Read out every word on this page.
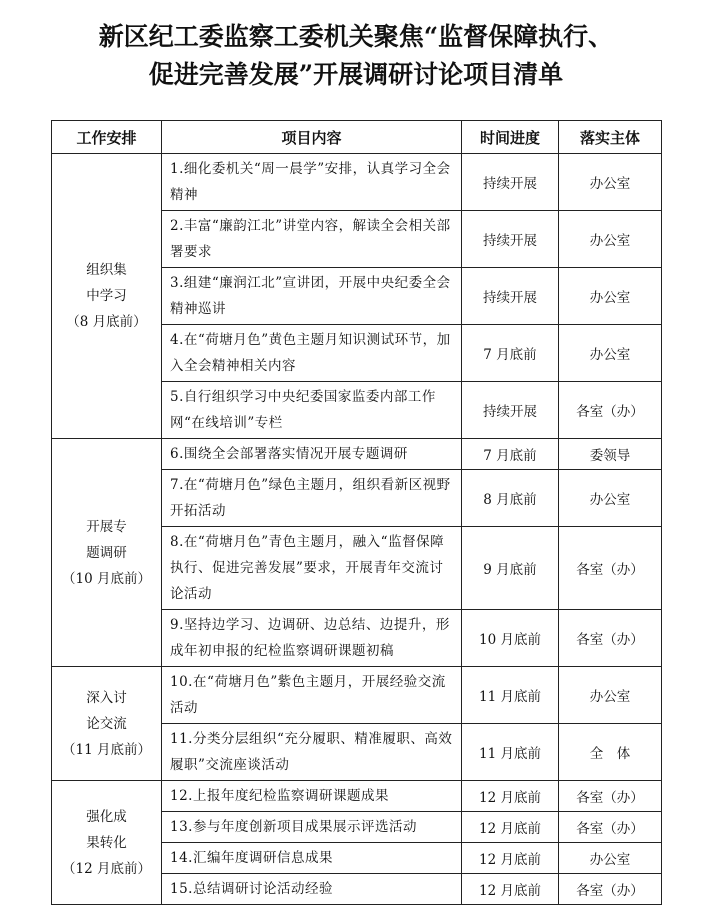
新区纪工委监察工委机关聚焦“监督保障执行、
促进完善发展”开展调研讨论项目清单
工作安排	项目内容	时间进度	落实主体

组织集
中学习
（8 月底前）	1.细化委机关“周一晨学”安排，认真学习全会精神	持续开展	办公室
	2.丰富“廉韵江北”讲堂内容，解读全会相关部署要求	持续开展	办公室
	3.组建“廉润江北”宣讲团，开展中央纪委全会精神巡讲	持续开展	办公室
	4.在“荷塘月色”黄色主题月知识测试环节，加入全会精神相关内容	7 月底前	办公室
	5.自行组织学习中央纪委国家监委内部工作网“在线培训”专栏	持续开展	各室（办）

开展专
题调研
（10 月底前）	6.围绕全会部署落实情况开展专题调研	7 月底前	委领导
	7.在“荷塘月色”绿色主题月，组织看新区视野开拓活动	8 月底前	办公室
	8.在“荷塘月色”青色主题月，融入“监督保障执行、促进完善发展”要求，开展青年交流讨论活动	9 月底前	各室（办）
	9.坚持边学习、边调研、边总结、边提升，形成年初申报的纪检监察调研课题初稿	10 月底前	各室（办）

深入讨
论交流
（11 月底前）	10.在“荷塘月色”紫色主题月，开展经验交流活动	11 月底前	办公室
	11.分类分层组织“充分履职、精准履职、高效履职”交流座谈活动	11 月底前	全　体

强化成
果转化
（12 月底前）	12.上报年度纪检监察调研课题成果	12 月底前	各室（办）
	13.参与年度创新项目成果展示评选活动	12 月底前	各室（办）
	14.汇编年度调研信息成果	12 月底前	办公室
	15.总结调研讨论活动经验	12 月底前	各室（办）
